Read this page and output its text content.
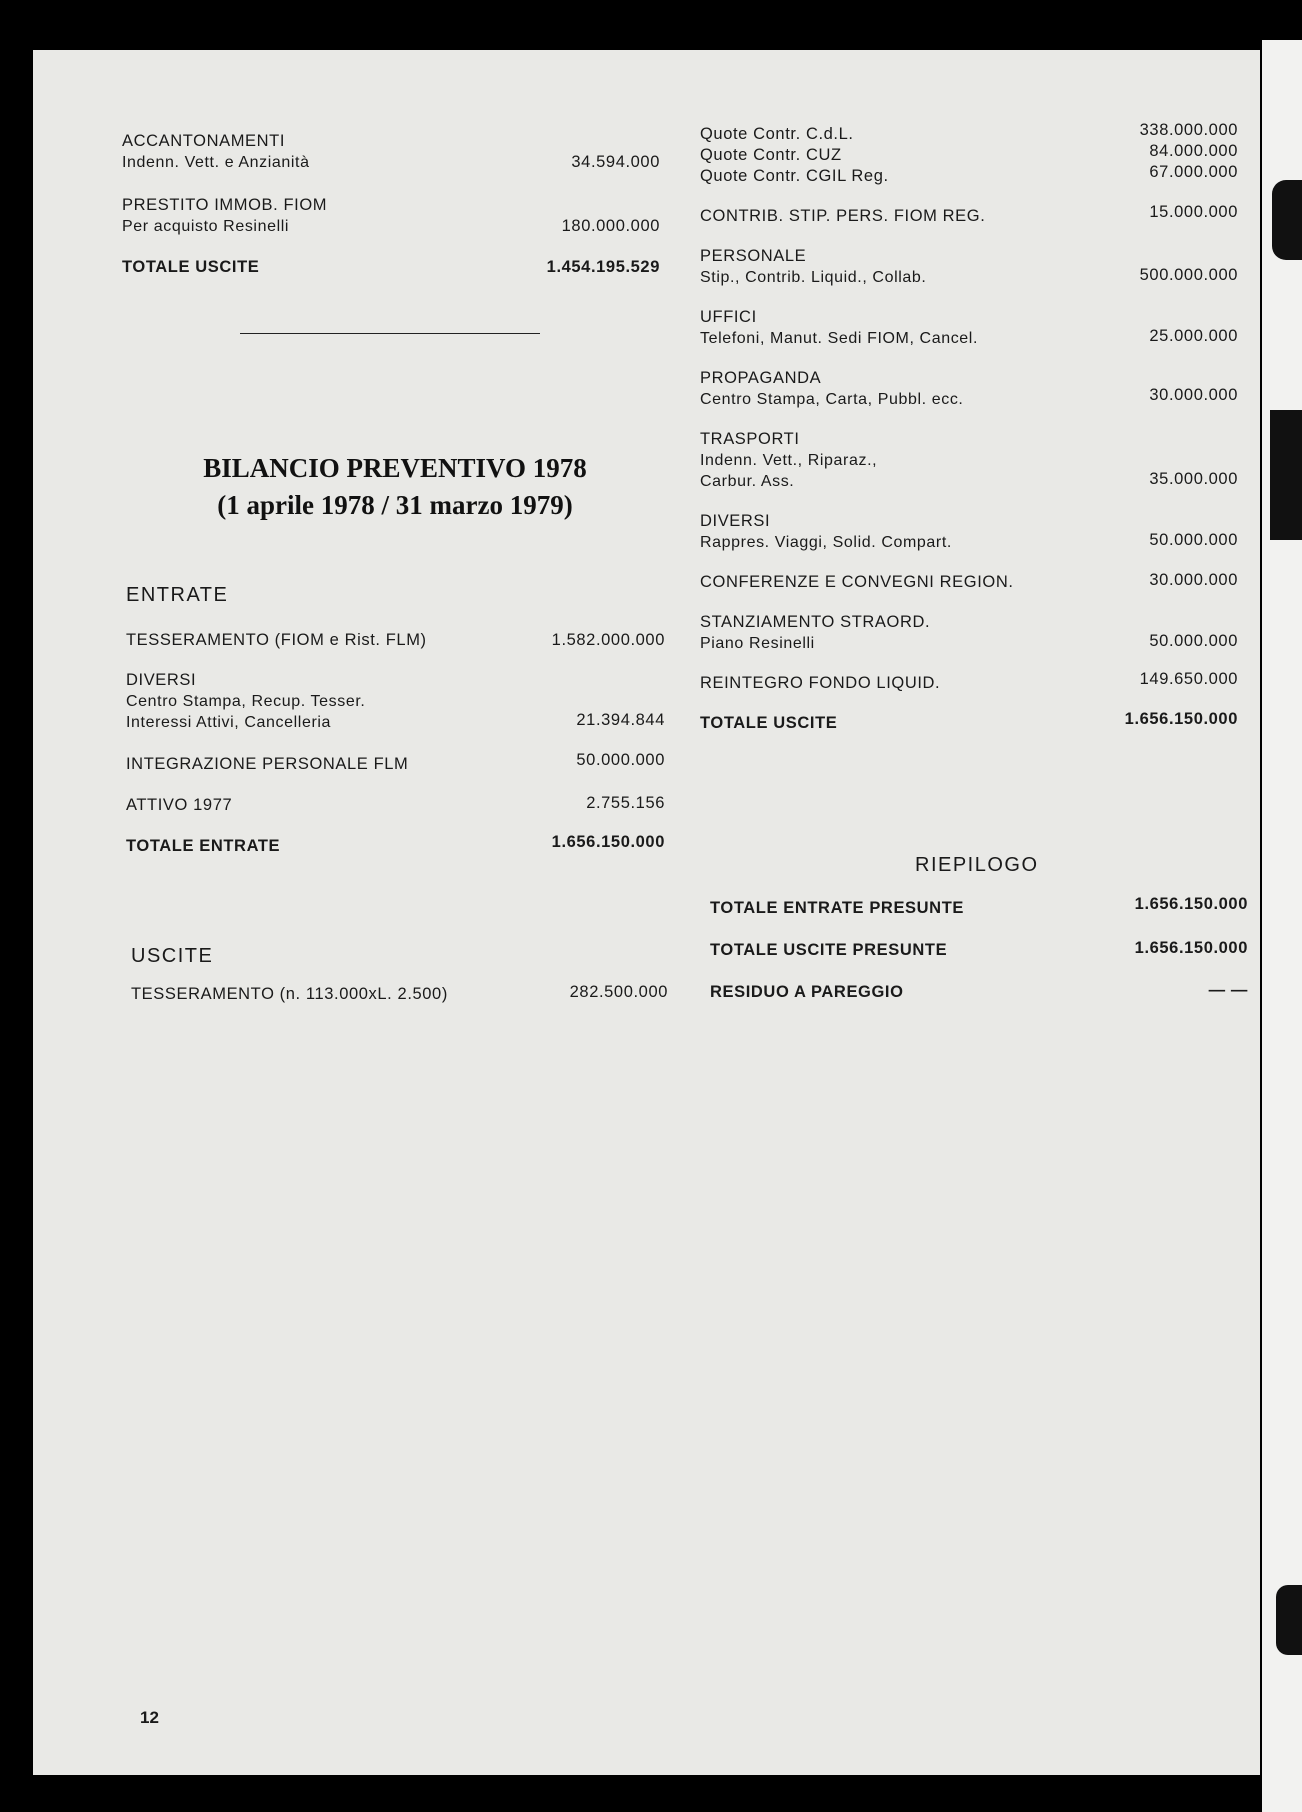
ACCANTONAMENTI
Indenn. Vett. e Anzianità	34.594.000
PRESTITO IMMOB. FIOM
Per acquisto Resinelli	180.000.000
TOTALE USCITE	1.454.195.529
BILANCIO PREVENTIVO 1978
(1 aprile 1978 / 31 marzo 1979)
ENTRATE
TESSERAMENTO (FIOM e Rist. FLM)	1.582.000.000
DIVERSI
Centro Stampa, Recup. Tesser.
Interessi Attivi, Cancelleria	21.394.844
INTEGRAZIONE PERSONALE FLM	50.000.000
ATTIVO 1977	2.755.156
TOTALE ENTRATE	1.656.150.000
USCITE
TESSERAMENTO (n. 113.000xL. 2.500)	282.500.000
Quote Contr. C.d.L.	338.000.000
Quote Contr. CUZ	84.000.000
Quote Contr. CGIL Reg.	67.000.000
CONTRIB. STIP. PERS. FIOM REG.	15.000.000
PERSONALE
Stip., Contrib. Liquid., Collab.	500.000.000
UFFICI
Telefoni, Manut. Sedi FIOM, Cancel.	25.000.000
PROPAGANDA
Centro Stampa, Carta, Pubbl. ecc.	30.000.000
TRASPORTI
Indenn. Vett., Riparaz.,
Carbur. Ass.	35.000.000
DIVERSI
Rappres. Viaggi, Solid. Compart.	50.000.000
CONFERENZE E CONVEGNI REGION.	30.000.000
STANZIAMENTO STRAORD.
Piano Resinelli	50.000.000
REINTEGRO FONDO LIQUID.	149.650.000
TOTALE USCITE	1.656.150.000
RIEPILOGO
TOTALE ENTRATE PRESUNTE	1.656.150.000
TOTALE USCITE PRESUNTE	1.656.150.000
RESIDUO A PAREGGIO	— —
12
